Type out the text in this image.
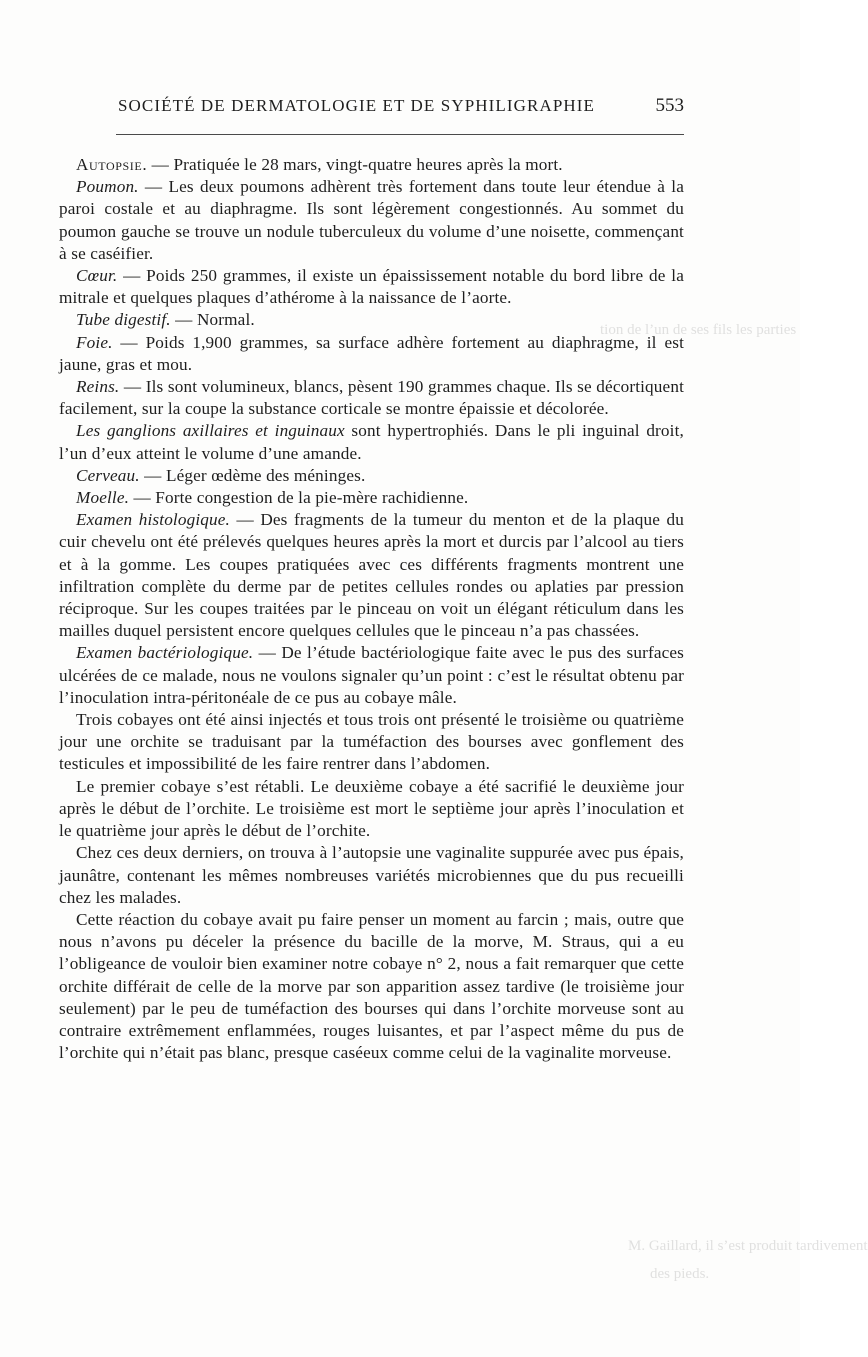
tion de l’un de ses fils les parties
M. Gaillard, il s’est produit tardivement
des pieds.
SOCIÉTÉ DE DERMATOLOGIE ET DE SYPHILIGRAPHIE	553

Autopsie. — Pratiquée le 28 mars, vingt-quatre heures après la mort.

Poumon. — Les deux poumons adhèrent très fortement dans toute leur étendue à la paroi costale et au diaphragme. Ils sont légèrement congestionnés. Au sommet du poumon gauche se trouve un nodule tuberculeux du volume d’une noisette, commençant à se caséifier.

Cœur. — Poids 250 grammes, il existe un épaississement notable du bord libre de la mitrale et quelques plaques d’athérome à la naissance de l’aorte.

Tube digestif. — Normal.

Foie. — Poids 1,900 grammes, sa surface adhère fortement au diaphragme, il est jaune, gras et mou.

Reins. — Ils sont volumineux, blancs, pèsent 190 grammes chaque. Ils se décortiquent facilement, sur la coupe la substance corticale se montre épaissie et décolorée.

Les ganglions axillaires et inguinaux sont hypertrophiés. Dans le pli inguinal droit, l’un d’eux atteint le volume d’une amande.

Cerveau. — Léger œdème des méninges.

Moelle. — Forte congestion de la pie-mère rachidienne.

Examen histologique. — Des fragments de la tumeur du menton et de la plaque du cuir chevelu ont été prélevés quelques heures après la mort et durcis par l’alcool au tiers et à la gomme. Les coupes pratiquées avec ces différents fragments montrent une infiltration complète du derme par de petites cellules rondes ou aplaties par pression réciproque. Sur les coupes traitées par le pinceau on voit un élégant réticulum dans les mailles duquel persistent encore quelques cellules que le pinceau n’a pas chassées.

Examen bactériologique. — De l’étude bactériologique faite avec le pus des surfaces ulcérées de ce malade, nous ne voulons signaler qu’un point : c’est le résultat obtenu par l’inoculation intra-péritonéale de ce pus au cobaye mâle.

Trois cobayes ont été ainsi injectés et tous trois ont présenté le troisième ou quatrième jour une orchite se traduisant par la tuméfaction des bourses avec gonflement des testicules et impossibilité de les faire rentrer dans l’abdomen.

Le premier cobaye s’est rétabli. Le deuxième cobaye a été sacrifié le deuxième jour après le début de l’orchite. Le troisième est mort le septième jour après l’inoculation et le quatrième jour après le début de l’orchite.

Chez ces deux derniers, on trouva à l’autopsie une vaginalite suppurée avec pus épais, jaunâtre, contenant les mêmes nombreuses variétés microbiennes que du pus recueilli chez les malades.

Cette réaction du cobaye avait pu faire penser un moment au farcin ; mais, outre que nous n’avons pu déceler la présence du bacille de la morve, M. Straus, qui a eu l’obligeance de vouloir bien examiner notre cobaye n° 2, nous a fait remarquer que cette orchite différait de celle de la morve par son apparition assez tardive (le troisième jour seulement) par le peu de tuméfaction des bourses qui dans l’orchite morveuse sont au contraire extrêmement enflammées, rouges luisantes, et par l’aspect même du pus de l’orchite qui n’était pas blanc, presque caséeux comme celui de la vaginalite morveuse.
